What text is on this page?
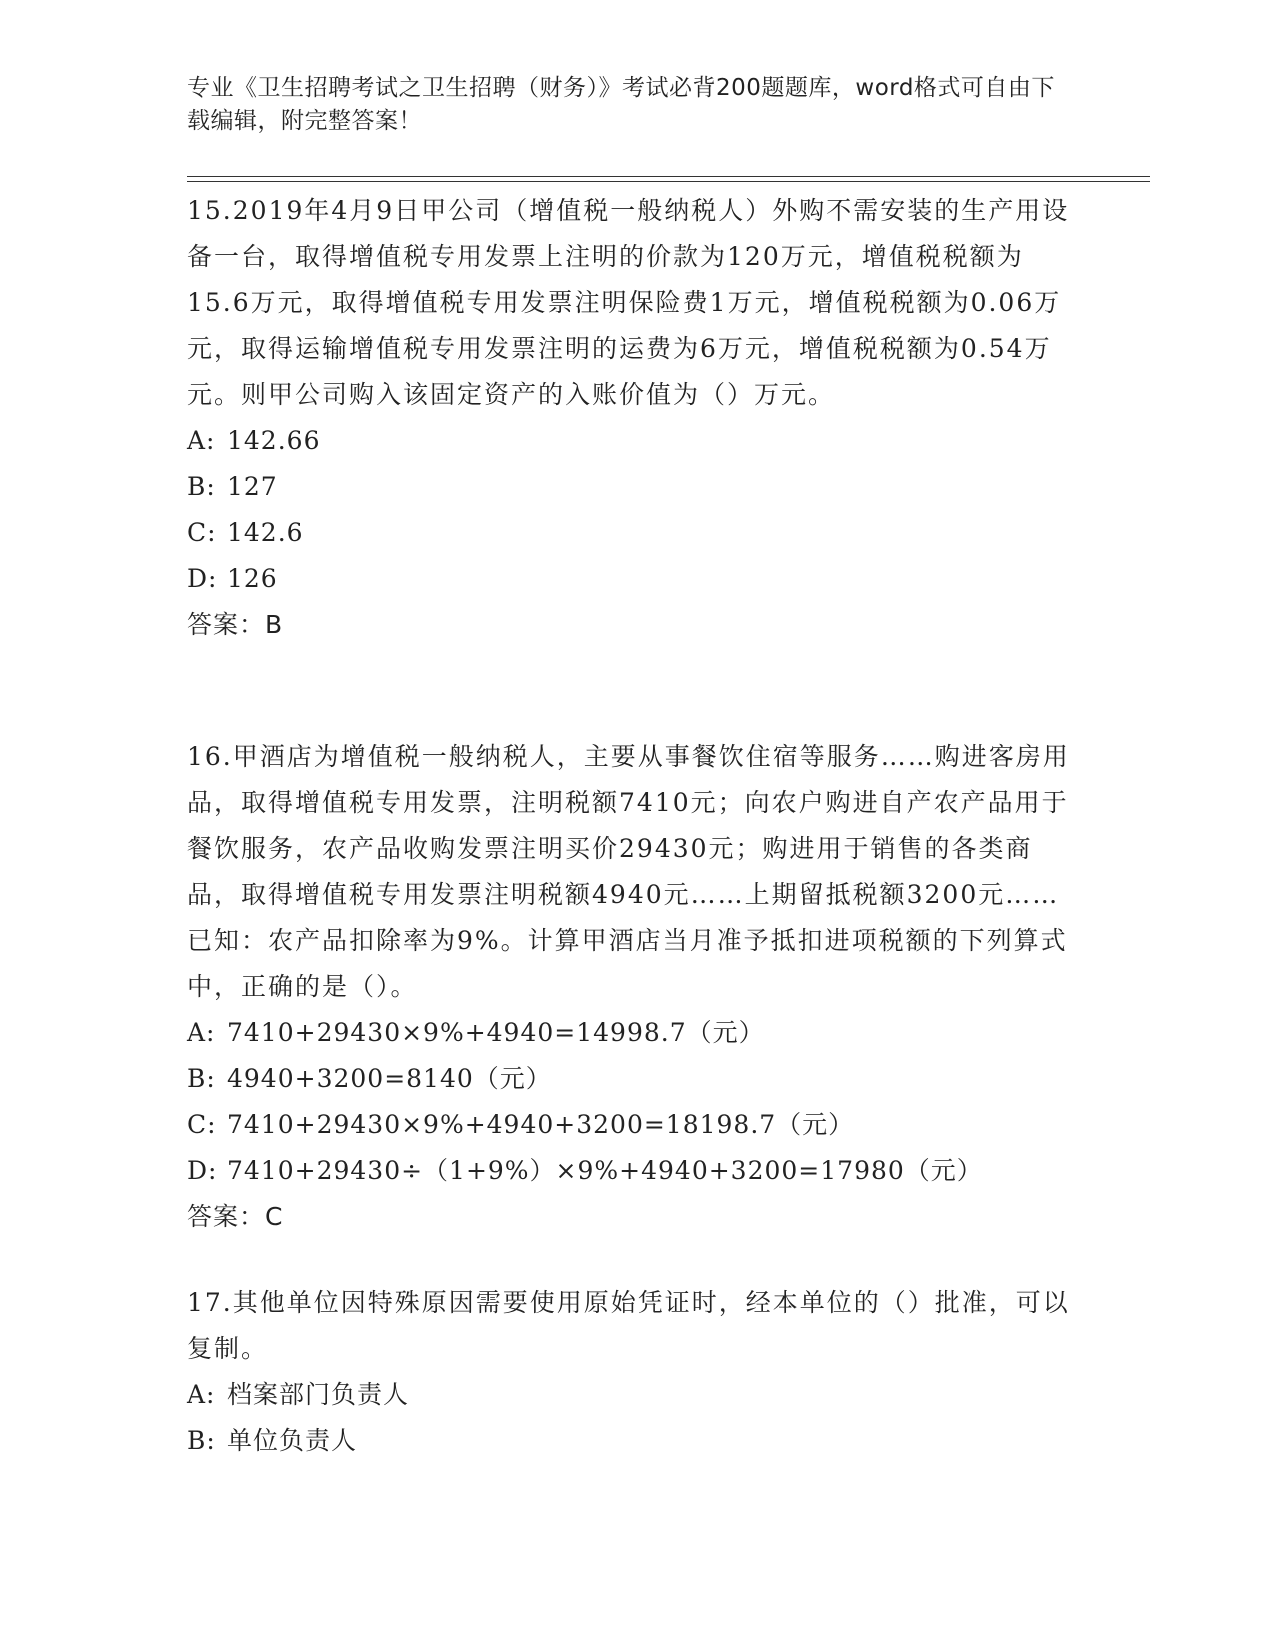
专业《卫生招聘考试之卫生招聘（财务）》考试必背200题题库，word格式可自由下载编辑，附完整答案！

15.2019年4月9日甲公司（增值税一般纳税人）外购不需安装的生产用设备一台，取得增值税专用发票上注明的价款为120万元，增值税税额为15.6万元，取得增值税专用发票注明保险费1万元，增值税税额为0.06万元，取得运输增值税专用发票注明的运费为6万元，增值税税额为0.54万元。则甲公司购入该固定资产的入账价值为（）万元。

A: 142.66

B: 127

C: 142.6

D: 126

答案：B

16.甲酒店为增值税一般纳税人，主要从事餐饮住宿等服务……购进客房用品，取得增值税专用发票，注明税额7410元；向农户购进自产农产品用于餐饮服务，农产品收购发票注明买价29430元；购进用于销售的各类商品，取得增值税专用发票注明税额4940元……上期留抵税额3200元……已知：农产品扣除率为9%。计算甲酒店当月准予抵扣进项税额的下列算式中，正确的是（）。

A: 7410+29430×9%+4940=14998.7（元）

B: 4940+3200=8140（元）

C: 7410+29430×9%+4940+3200=18198.7（元）

D: 7410+29430÷（1+9%）×9%+4940+3200=17980（元）

答案：C

17.其他单位因特殊原因需要使用原始凭证时，经本单位的（）批准，可以复制。

A: 档案部门负责人

B: 单位负责人
